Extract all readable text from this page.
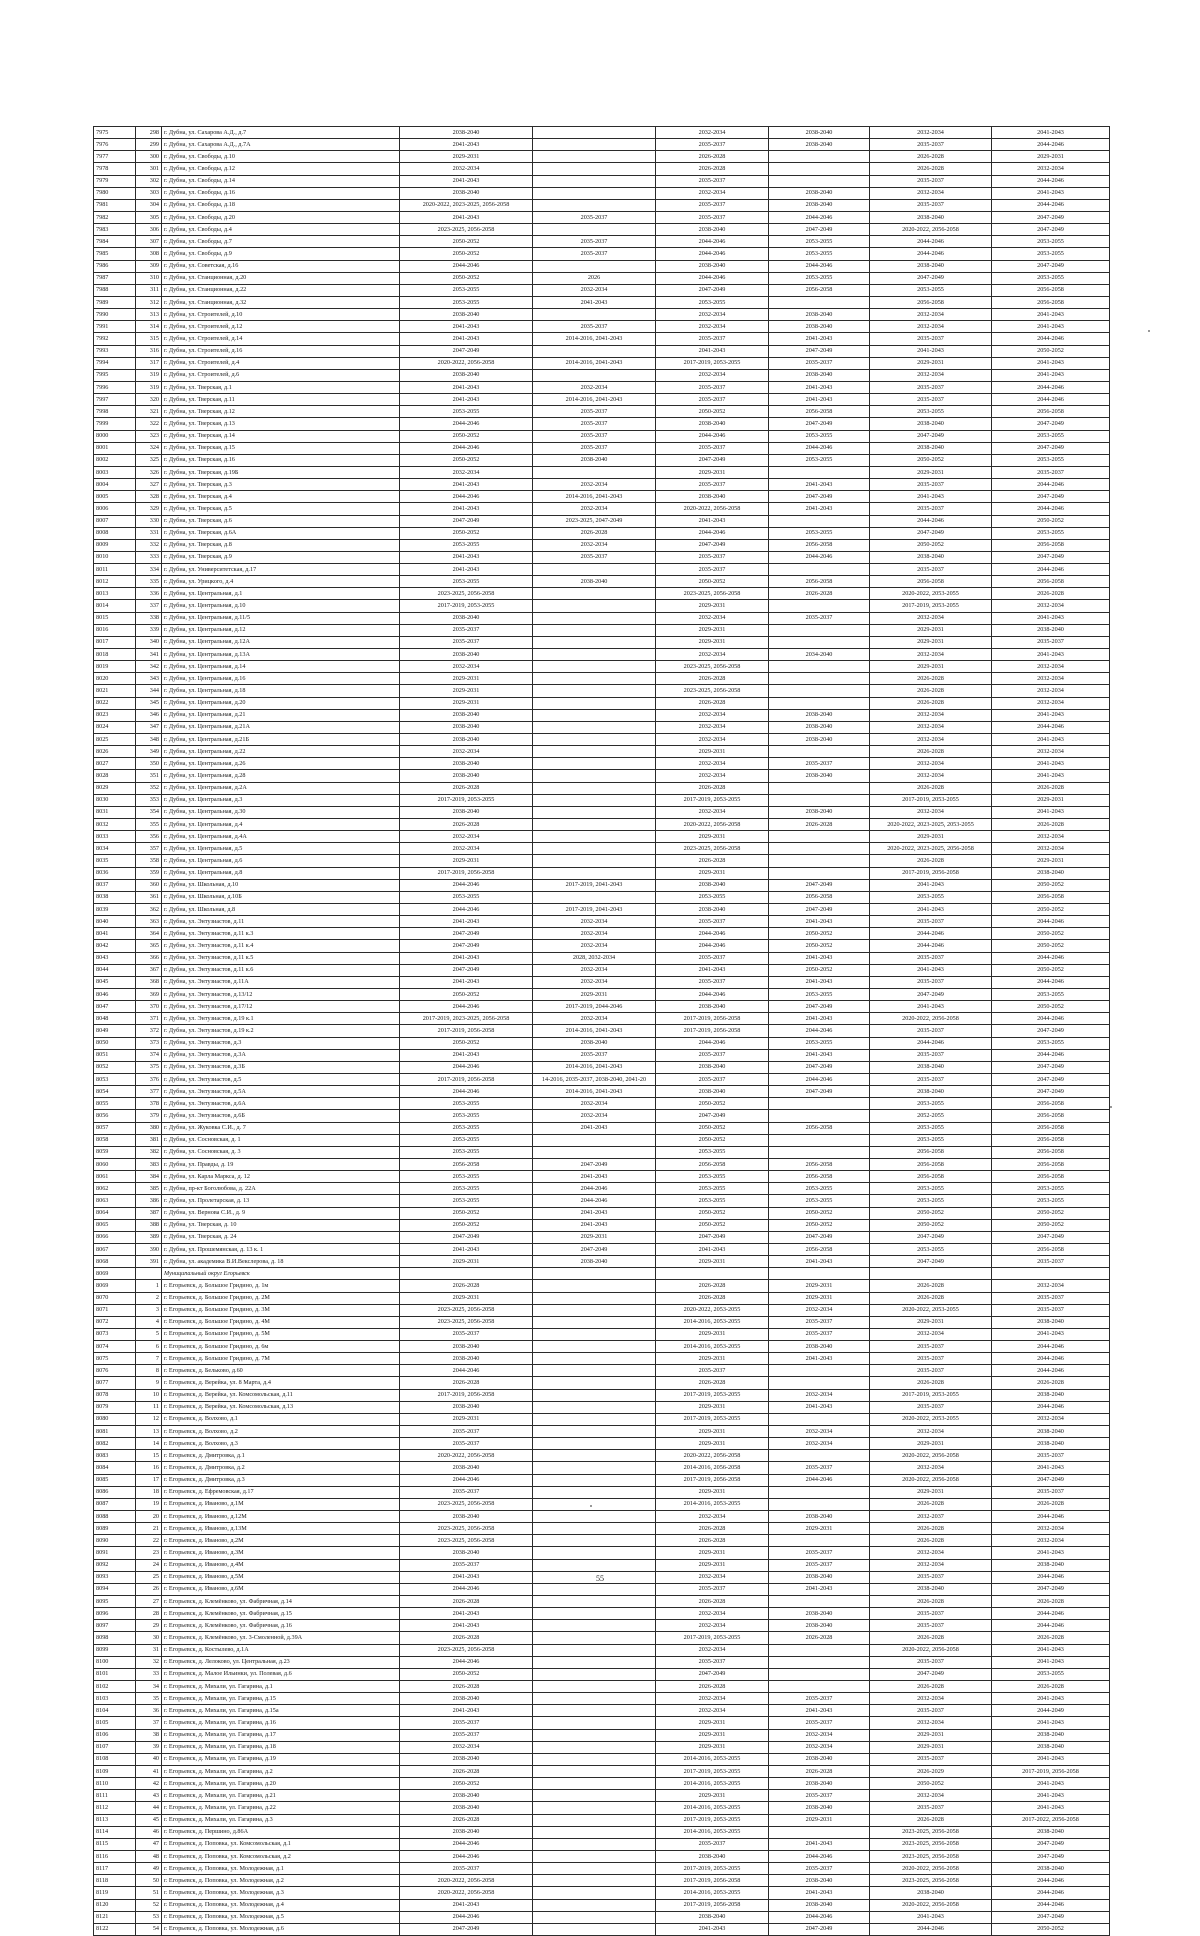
7975	298	г. Дубна, ул. Сахарова А.Д., д.7	2038-2040		2032-2034	2038-2040	2032-2034	2041-2043
7976	299	г. Дубна, ул. Сахарова А.Д., д.7А	2041-2043		2035-2037	2038-2040	2035-2037	2044-2046
7977	300	г. Дубна, ул. Свободы, д.10	2029-2031		2026-2028		2026-2028	2029-2031
7978	301	г. Дубна, ул. Свободы, д.12	2032-2034		2026-2028		2026-2028	2032-2034
7979	302	г. Дубна, ул. Свободы, д.14	2041-2043		2035-2037		2035-2037	2044-2046
7980	303	г. Дубна, ул. Свободы, д.16	2038-2040		2032-2034	2038-2040	2032-2034	2041-2043
7981	304	г. Дубна, ул. Свободы, д.18	2020-2022, 2023-2025, 2056-2058		2035-2037	2038-2040	2035-2037	2044-2046
7982	305	г. Дубна, ул. Свободы, д.20	2041-2043	2035-2037	2035-2037	2044-2046	2038-2040	2047-2049
7983	306	г. Дубна, ул. Свободы, д.4	2023-2025, 2056-2058		2038-2040	2047-2049	2020-2022, 2056-2058	2047-2049
7984	307	г. Дубна, ул. Свободы, д.7	2050-2052	2035-2037	2044-2046	2053-2055	2044-2046	2053-2055
7985	308	г. Дубна, ул. Свободы, д.9	2050-2052	2035-2037	2044-2046	2053-2055	2044-2046	2053-2055
7986	309	г. Дубна, ул. Советская, д.16	2044-2046		2038-2040	2044-2046	2038-2040	2047-2049
7987	310	г. Дубна, ул. Станционная, д.20	2050-2052	2026	2044-2046	2053-2055	2047-2049	2053-2055
7988	311	г. Дубна, ул. Станционная, д.22	2053-2055	2032-2034	2047-2049	2056-2058	2053-2055	2056-2058
7989	312	г. Дубна, ул. Станционная, д.32	2053-2055	2041-2043	2053-2055		2056-2058	2056-2058
7990	313	г. Дубна, ул. Строителей, д.10	2038-2040		2032-2034	2038-2040	2032-2034	2041-2043
7991	314	г. Дубна, ул. Строителей, д.12	2041-2043	2035-2037	2032-2034	2038-2040	2032-2034	2041-2043
7992	315	г. Дубна, ул. Строителей, д.14	2041-2043	2014-2016, 2041-2043	2035-2037	2041-2043	2035-2037	2044-2046
7993	316	г. Дубна, ул. Строителей, д.16	2047-2049		2041-2043	2047-2049	2041-2043	2050-2052
7994	317	г. Дубна, ул. Строителей, д.4	2020-2022, 2056-2058	2014-2016, 2041-2043	2017-2019, 2053-2055	2035-2037	2029-2031	2041-2043
7995	319	г. Дубна, ул. Строителей, д.6	2038-2040		2032-2034	2038-2040	2032-2034	2041-2043
7996	319	г. Дубна, ул. Тверская, д.1	2041-2043	2032-2034	2035-2037	2041-2043	2035-2037	2044-2046
7997	320	г. Дубна, ул. Тверская, д.11	2041-2043	2014-2016, 2041-2043	2035-2037	2041-2043	2035-2037	2044-2046
7998	321	г. Дубна, ул. Тверская, д.12	2053-2055	2035-2037	2050-2052	2056-2058	2053-2055	2056-2058
7999	322	г. Дубна, ул. Тверская, д.13	2044-2046	2035-2037	2038-2040	2047-2049	2038-2040	2047-2049
8000	323	г. Дубна, ул. Тверская, д.14	2050-2052	2035-2037	2044-2046	2053-2055	2047-2049	2053-2055
8001	324	г. Дубна, ул. Тверская, д.15	2044-2046	2035-2037	2035-2037	2044-2046	2038-2040	2047-2049
8002	325	г. Дубна, ул. Тверская, д.16	2050-2052	2038-2040	2047-2049	2053-2055	2050-2052	2053-2055
8003	326	г. Дубна, ул. Тверская, д.19Б	2032-2034		2029-2031		2029-2031	2035-2037
8004	327	г. Дубна, ул. Тверская, д.3	2041-2043	2032-2034	2035-2037	2041-2043	2035-2037	2044-2046
8005	328	г. Дубна, ул. Тверская, д.4	2044-2046	2014-2016, 2041-2043	2038-2040	2047-2049	2041-2043	2047-2049
8006	329	г. Дубна, ул. Тверская, д.5	2041-2043	2032-2034	2020-2022, 2056-2058	2041-2043	2035-2037	2044-2046
8007	330	г. Дубна, ул. Тверская, д.6	2047-2049	2023-2025, 2047-2049	2041-2043		2044-2046	2050-2052
8008	331	г. Дубна, ул. Тверская, д.6А	2050-2052	2026-2028	2044-2046	2053-2055	2047-2049	2053-2055
8009	332	г. Дубна, ул. Тверская, д.8	2053-2055	2032-2034	2047-2049	2056-2058	2050-2052	2056-2058
8010	333	г. Дубна, ул. Тверская, д.9	2041-2043	2035-2037	2035-2037	2044-2046	2038-2040	2047-2049
8011	334	г. Дубна, ул. Университетская, д.17	2041-2043		2035-2037		2035-2037	2044-2046
8012	335	г. Дубна, ул. Урицкого, д.4	2053-2055	2038-2040	2050-2052	2056-2058	2056-2058	2056-2058
8013	336	г. Дубна, ул. Центральная, д.1	2023-2025, 2056-2058		2023-2025, 2056-2058	2026-2028	2020-2022, 2053-2055	2026-2028
8014	337	г. Дубна, ул. Центральная, д.10	2017-2019, 2053-2055		2029-2031		2017-2019, 2053-2055	2032-2034
8015	338	г. Дубна, ул. Центральная, д.11/5	2038-2040		2032-2034	2035-2037	2032-2034	2041-2043
8016	339	г. Дубна, ул. Центральная, д.12	2035-2037		2029-2031		2029-2031	2038-2040
8017	340	г. Дубна, ул. Центральная, д.12А	2035-2037		2029-2031		2029-2031	2035-2037
8018	341	г. Дубна, ул. Центральная, д.13А	2038-2040		2032-2034	2034-2040	2032-2034	2041-2043
8019	342	г. Дубна, ул. Центральная, д.14	2032-2034		2023-2025, 2056-2058		2029-2031	2032-2034
8020	343	г. Дубна, ул. Центральная, д.16	2029-2031		2026-2028		2026-2028	2032-2034
8021	344	г. Дубна, ул. Центральная, д.18	2029-2031		2023-2025, 2056-2058		2026-2028	2032-2034
8022	345	г. Дубна, ул. Центральная, д.20	2029-2031		2026-2028		2026-2028	2032-2034
8023	346	г. Дубна, ул. Центральная, д.21	2038-2040		2032-2034	2038-2040	2032-2034	2041-2043
8024	347	г. Дубна, ул. Центральная, д.21А	2038-2040		2032-2034	2038-2040	2032-2034	2044-2046
8025	348	г. Дубна, ул. Центральная, д.21Б	2038-2040		2032-2034	2038-2040	2032-2034	2041-2043
8026	349	г. Дубна, ул. Центральная, д.22	2032-2034		2029-2031		2026-2028	2032-2034
8027	350	г. Дубна, ул. Центральная, д.26	2038-2040		2032-2034	2035-2037	2032-2034	2041-2043
8028	351	г. Дубна, ул. Центральная, д.28	2038-2040		2032-2034	2038-2040	2032-2034	2041-2043
8029	352	г. Дубна, ул. Центральная, д.2А	2026-2028		2026-2028		2026-2028	2026-2028
8030	353	г. Дубна, ул. Центральная, д.3	2017-2019, 2053-2055		2017-2019, 2053-2055		2017-2019, 2053-2055	2029-2031
8031	354	г. Дубна, ул. Центральная, д.30	2038-2040		2032-2034	2038-2040	2032-2034	2041-2043
8032	355	г. Дубна, ул. Центральная, д.4	2026-2028		2020-2022, 2056-2058	2026-2028	2020-2022, 2023-2025, 2053-2055	2026-2028
8033	356	г. Дубна, ул. Центральная, д.4А	2032-2034		2029-2031		2029-2031	2032-2034
8034	357	г. Дубна, ул. Центральная, д.5	2032-2034		2023-2025, 2056-2058		2020-2022, 2023-2025, 2056-2058	2032-2034
8035	358	г. Дубна, ул. Центральная, д.6	2029-2031		2026-2028		2026-2028	2029-2031
8036	359	г. Дубна, ул. Центральная, д.8	2017-2019, 2056-2058		2029-2031		2017-2019, 2056-2058	2038-2040
8037	360	г. Дубна, ул. Школьная, д.10	2044-2046	2017-2019, 2041-2043	2038-2040	2047-2049	2041-2043	2050-2052
8038	361	г. Дубна, ул. Школьная, д.10Б	2053-2055		2053-2055	2056-2058	2053-2055	2056-2058
8039	362	г. Дубна, ул. Школьная, д.8	2044-2046	2017-2019, 2041-2043	2038-2040	2047-2049	2041-2043	2050-2052
8040	363	г. Дубна, ул. Энтузиастов, д.11	2041-2043	2032-2034	2035-2037	2041-2043	2035-2037	2044-2046
8041	364	г. Дубна, ул. Энтузиастов, д.11 к.3	2047-2049	2032-2034	2044-2046	2050-2052	2044-2046	2050-2052
8042	365	г. Дубна, ул. Энтузиастов, д.11 к.4	2047-2049	2032-2034	2044-2046	2050-2052	2044-2046	2050-2052
8043	366	г. Дубна, ул. Энтузиастов, д.11 к.5	2041-2043	2028, 2032-2034	2035-2037	2041-2043	2035-2037	2044-2046
8044	367	г. Дубна, ул. Энтузиастов, д.11 к.6	2047-2049	2032-2034	2041-2043	2050-2052	2041-2043	2050-2052
8045	368	г. Дубна, ул. Энтузиастов, д.11А	2041-2043	2032-2034	2035-2037	2041-2043	2035-2037	2044-2046
8046	369	г. Дубна, ул. Энтузиастов, д.13/12	2050-2052	2029-2031	2044-2046	2053-2055	2047-2049	2053-2055
8047	370	г. Дубна, ул. Энтузиастов, д.17/12	2044-2046	2017-2019, 2044-2046	2038-2040	2047-2049	2041-2043	2050-2052
8048	371	г. Дубна, ул. Энтузиастов, д.19 к.1	2017-2019, 2023-2025, 2056-2058	2032-2034	2017-2019, 2056-2058	2041-2043	2020-2022, 2056-2058	2044-2046
8049	372	г. Дубна, ул. Энтузиастов, д.19 к.2	2017-2019, 2056-2058	2014-2016, 2041-2043	2017-2019, 2056-2058	2044-2046	2035-2037	2047-2049
8050	373	г. Дубна, ул. Энтузиастов, д.3	2050-2052	2038-2040	2044-2046	2053-2055	2044-2046	2053-2055
8051	374	г. Дубна, ул. Энтузиастов, д.3А	2041-2043	2035-2037	2035-2037	2041-2043	2035-2037	2044-2046
8052	375	г. Дубна, ул. Энтузиастов, д.3Б	2044-2046	2014-2016, 2041-2043	2038-2040	2047-2049	2038-2040	2047-2049
8053	376	г. Дубна, ул. Энтузиастов, д.5	2017-2019, 2056-2058	14-2016, 2035-2037, 2038-2040, 2041-20	2035-2037	2044-2046	2035-2037	2047-2049
8054	377	г. Дубна, ул. Энтузиастов, д.5А	2044-2046	2014-2016, 2041-2043	2038-2040	2047-2049	2038-2040	2047-2049
8055	378	г. Дубна, ул. Энтузиастов, д.6А	2053-2055	2032-2034	2050-2052		2053-2055	2056-2058
8056	379	г. Дубна, ул. Энтузиастов, д.6Б	2053-2055	2032-2034	2047-2049		2052-2055	2056-2058
8057	380	г. Дубна, ул. Жуковка С.И., д. 7	2053-2055	2041-2043	2050-2052	2056-2058	2053-2055	2056-2058
8058	381	г. Дубна, ул. Сосновская, д. 1	2053-2055		2050-2052		2053-2055	2056-2058
8059	382	г. Дубна, ул. Сосновская, д. 3	2053-2055		2053-2055		2056-2058	2056-2058
8060	383	г. Дубна, ул. Правды, д. 19	2056-2058	2047-2049	2056-2058	2056-2058	2056-2058	2056-2058
8061	384	г. Дубна, ул. Карла Маркса, д. 12	2053-2055	2041-2043	2053-2055	2056-2058	2056-2058	2056-2058
8062	385	г. Дубна, пр-кт Боголюбова, д. 22А	2053-2055	2044-2046	2053-2055	2053-2055	2053-2055	2053-2055
8063	386	г. Дубна, ул. Пролетарская, д. 13	2053-2055	2044-2046	2053-2055	2053-2055	2053-2055	2053-2055
8064	387	г. Дубна, ул. Вернова С.И., д. 9	2050-2052	2041-2043	2050-2052	2050-2052	2050-2052	2050-2052
8065	388	г. Дубна, ул. Тверская, д. 10	2050-2052	2041-2043	2050-2052	2050-2052	2050-2052	2050-2052
8066	389	г. Дубна, ул. Тверская, д. 24	2047-2049	2029-2031	2047-2049	2047-2049	2047-2049	2047-2049
8067	390	г. Дубна, ул. Прошемянская, д. 13 к. 1	2041-2043	2047-2049	2041-2043	2056-2058	2053-2055	2056-2058
8068	391	г. Дубна, ул. академика В.И.Векслерова, д. 18	2029-2031	2038-2040	2029-2031	2041-2043	2047-2049	2035-2037
8069		Муниципальный округ Егорьевск						
8069	1	г. Егорьевск, д. Большое Гридино, д. 1м	2026-2028		2026-2028	2029-2031	2026-2028	2032-2034
8070	2	г. Егорьевск, д. Большое Гридино, д. 2М	2029-2031		2026-2028	2029-2031	2026-2028	2035-2037
8071	3	г. Егорьевск, д. Большое Гридино, д. 3М	2023-2025, 2056-2058		2020-2022, 2053-2055	2032-2034	2020-2022, 2053-2055	2035-2037
8072	4	г. Егорьевск, д. Большое Гридино, д. 4М	2023-2025, 2056-2058		2014-2016, 2053-2055	2035-2037	2029-2031	2038-2040
8073	5	г. Егорьевск, д. Большое Гридино, д. 5М	2035-2037		2029-2031	2035-2037	2032-2034	2041-2043
8074	6	г. Егорьевск, д. Большое Гридино, д. 6м	2038-2040		2014-2016, 2053-2055	2038-2040	2035-2037	2044-2046
8075	7	г. Егорьевск, д. Большое Гридино, д. 7М	2038-2040		2029-2031	2041-2043	2035-2037	2044-2046
8076	8	г. Егорьевск, д. Бельково, д.60	2044-2046		2035-2037		2035-2037	2044-2046
8077	9	г. Егорьевск, д. Верейка, ул. 8 Марта, д.4	2026-2028		2026-2028		2026-2028	2026-2028
8078	10	г. Егорьевск, д. Верейка, ул. Комсомольская, д.11	2017-2019, 2056-2058		2017-2019, 2053-2055	2032-2034	2017-2019, 2053-2055	2038-2040
8079	11	г. Егорьевск, д. Верейка, ул. Комсомольская, д.13	2038-2040		2029-2031	2041-2043	2035-2037	2044-2046
8080	12	г. Егорьевск, д. Волхово, д.1	2029-2031		2017-2019, 2053-2055		2020-2022, 2053-2055	2032-2034
8081	13	г. Егорьевск, д. Волхово, д.2	2035-2037		2029-2031	2032-2034	2032-2034	2038-2040
8082	14	г. Егорьевск, д. Волхово, д.3	2035-2037		2029-2031	2032-2034	2029-2031	2038-2040
8083	15	г. Егорьевск, д. Дмитровка, д.1	2020-2022, 2056-2058		2020-2022, 2056-2058		2020-2022, 2056-2058	2035-2037
8084	16	г. Егорьевск, д. Дмитровка, д.2	2038-2040		2014-2016, 2056-2058	2035-2037	2032-2034	2041-2043
8085	17	г. Егорьевск, д. Дмитровка, д.3	2044-2046		2017-2019, 2056-2058	2044-2046	2020-2022, 2056-2058	2047-2049
8086	18	г. Егорьевск, д. Ефремовская, д.17	2035-2037		2029-2031		2029-2031	2035-2037
8087	19	г. Егорьевск, д. Иваново, д.1М	2023-2025, 2056-2058		2014-2016, 2053-2055		2026-2028	2026-2028
8088	20	г. Егорьевск, д. Иваново, д.12М	2038-2040		2032-2034	2038-2040	2032-2037	2044-2046
8089	21	г. Егорьевск, д. Иваново, д.13М	2023-2025, 2056-2058		2026-2028	2029-2031	2026-2028	2032-2034
8090	22	г. Егорьевск, д. Иваново, д.2М	2023-2025, 2056-2058		2026-2028		2026-2028	2032-2034
8091	23	г. Егорьевск, д. Иваново, д.3М	2038-2040		2029-2031	2035-2037	2032-2034	2041-2043
8092	24	г. Егорьевск, д. Иваново, д.4М	2035-2037		2029-2031	2035-2037	2032-2034	2038-2040
8093	25	г. Егорьевск, д. Иваново, д.5М	2041-2043		2032-2034	2038-2040	2035-2037	2044-2046
8094	26	г. Егорьевск, д. Иваново, д.6М	2044-2046		2035-2037	2041-2043	2038-2040	2047-2049
8095	27	г. Егорьевск, д. Клемёнково, ул. Фабричная, д.14	2026-2028		2026-2028		2026-2028	2026-2028
8096	28	г. Егорьевск, д. Клемёнково, ул. Фабричная, д.15	2041-2043		2032-2034	2038-2040	2035-2037	2044-2046
8097	29	г. Егорьевск, д. Клемёнково, ул. Фабричная, д.16	2041-2043		2032-2034	2038-2040	2035-2037	2044-2046
8098	30	г. Егорьевск, д. Клемёнково, ул. 3-Смоленной, д.39А	2026-2028		2017-2019, 2053-2055	2026-2028	2026-2028	2026-2028
8099	31	г. Егорьевск, д. Костылево, д.1А	2023-2025, 2056-2058		2032-2034		2020-2022, 2056-2058	2041-2043
8100	32	г. Егорьевск, д. Лелоково, ул. Центральная, д.23	2044-2046		2035-2037		2035-2037	2041-2043
8101	33	г. Егорьевск, д. Малое Ильинки, ул. Полевая, д.6	2050-2052		2047-2049		2047-2049	2053-2055
8102	34	г. Егорьевск, д. Михали, ул. Гагарина, д.1	2026-2028		2026-2028		2026-2028	2026-2028
8103	35	г. Егорьевск, д. Михали, ул. Гагарина, д.15	2038-2040		2032-2034	2035-2037	2032-2034	2041-2043
8104	36	г. Егорьевск, д. Михали, ул. Гагарина, д.15а	2041-2043		2032-2034	2041-2043	2035-2037	2044-2049
8105	37	г. Егорьевск, д. Михали, ул. Гагарина, д.16	2035-2037		2029-2031	2035-2037	2032-2034	2041-2043
8106	38	г. Егорьевск, д. Михали, ул. Гагарина, д.17	2035-2037		2029-2031	2032-2034	2029-2031	2038-2040
8107	39	г. Егорьевск, д. Михали, ул. Гагарина, д.18	2032-2034		2029-2031	2032-2034	2029-2031	2038-2040
8108	40	г. Егорьевск, д. Михали, ул. Гагарина, д.19	2038-2040		2014-2016, 2053-2055	2038-2040	2035-2037	2041-2043
8109	41	г. Егорьевск, д. Михали, ул. Гагарина, д.2	2026-2028		2017-2019, 2053-2055	2026-2028	2026-2029	2017-2019, 2056-2058
8110	42	г. Егорьевск, д. Михали, ул. Гагарина, д.20	2050-2052		2014-2016, 2053-2055	2038-2040	2050-2052	2041-2043
8111	43	г. Егорьевск, д. Михали, ул. Гагарина, д.21	2038-2040		2029-2031	2035-2037	2032-2034	2041-2043
8112	44	г. Егорьевск, д. Михали, ул. Гагарина, д.22	2038-2040		2014-2016, 2053-2055	2038-2040	2035-2037	2041-2043
8113	45	г. Егорьевск, д. Михали, ул. Гагарина, д.3	2026-2028		2017-2019, 2053-2055	2029-2031	2026-2028	2017-2022, 2056-2058
8114	46	г. Егорьевск, д. Першино, д.86А	2038-2040		2014-2016, 2053-2055		2023-2025, 2056-2058	2038-2040
8115	47	г. Егорьевск, д. Поповка, ул. Комсомольская, д.1	2044-2046		2035-2037	2041-2043	2023-2025, 2056-2058	2047-2049
8116	48	г. Егорьевск, д. Поповка, ул. Комсомольская, д.2	2044-2046		2038-2040	2044-2046	2023-2025, 2056-2058	2047-2049
8117	49	г. Егорьевск, д. Поповка, ул. Молодежная, д.1	2035-2037		2017-2019, 2053-2055	2035-2037	2020-2022, 2056-2058	2038-2040
8118	50	г. Егорьевск, д. Поповка, ул. Молодежная, д.2	2020-2022, 2056-2058		2017-2019, 2056-2058	2038-2040	2023-2025, 2056-2058	2044-2046
8119	51	г. Егорьевск, д. Поповка, ул. Молодежная, д.3	2020-2022, 2056-2058		2014-2016, 2053-2055	2041-2043	2038-2040	2044-2046
8120	52	г. Егорьевск, д. Поповка, ул. Молодежная, д.4	2041-2043		2017-2019, 2056-2058	2038-2040	2020-2022, 2056-2058	2044-2046
8121	53	г. Егорьевск, д. Поповка, ул. Молодежная, д.5	2044-2046		2038-2040	2044-2046	2041-2043	2047-2049
8122	54	г. Егорьевск, д. Поповка, ул. Молодежная, д.6	2047-2049		2041-2043	2047-2049	2044-2046	2050-2052
55
